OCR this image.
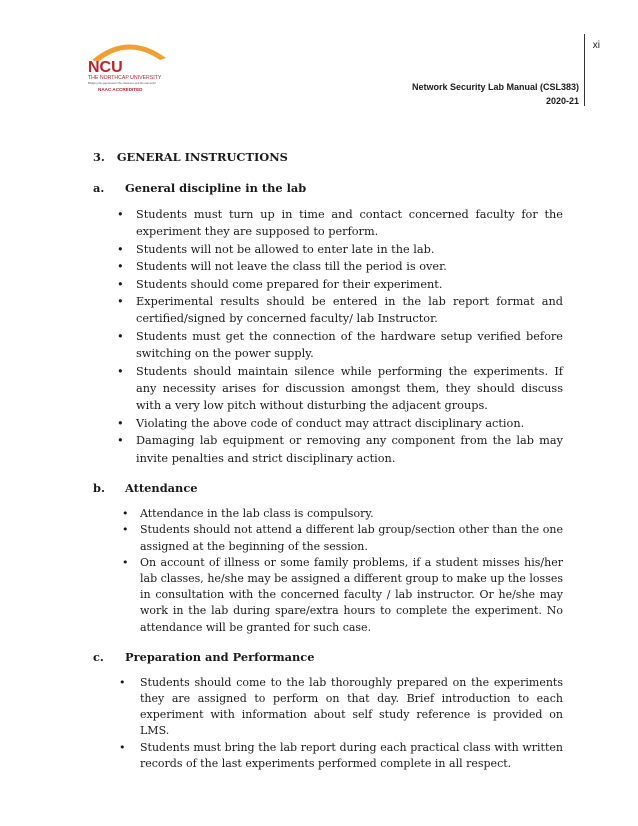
xi
NCU
THE NORTHCAP UNIVERSITY
Bridging the gap between the classroom and the real world
NAAC ACCREDITED	Network Security Lab Manual (CSL383)
2020-21
3. GENERAL INSTRUCTIONS
a.	General discipline in the lab
• Students must turn up in time and contact concerned faculty for the experiment they are supposed to perform.
• Students will not be allowed to enter late in the lab.
• Students will not leave the class till the period is over.
• Students should come prepared for their experiment.
• Experimental results should be entered in the lab report format and certified/signed by concerned faculty/ lab Instructor.
• Students must get the connection of the hardware setup verified before switching on the power supply.
• Students should maintain silence while performing the experiments. If any necessity arises for discussion amongst them, they should discuss with a very low pitch without disturbing the adjacent groups.
• Violating the above code of conduct may attract disciplinary action.
• Damaging lab equipment or removing any component from the lab may invite penalties and strict disciplinary action.
b.	Attendance
• Attendance in the lab class is compulsory.
• Students should not attend a different lab group/section other than the one assigned at the beginning of the session.
• On account of illness or some family problems, if a student misses his/her lab classes, he/she may be assigned a different group to make up the losses in consultation with the concerned faculty / lab instructor. Or he/she may work in the lab during spare/extra hours to complete the experiment. No attendance will be granted for such case.
c.	Preparation and Performance
• Students should come to the lab thoroughly prepared on the experiments they are assigned to perform on that day. Brief introduction to each experiment with information about self study reference is provided on LMS.
• Students must bring the lab report during each practical class with written records of the last experiments performed complete in all respect.
